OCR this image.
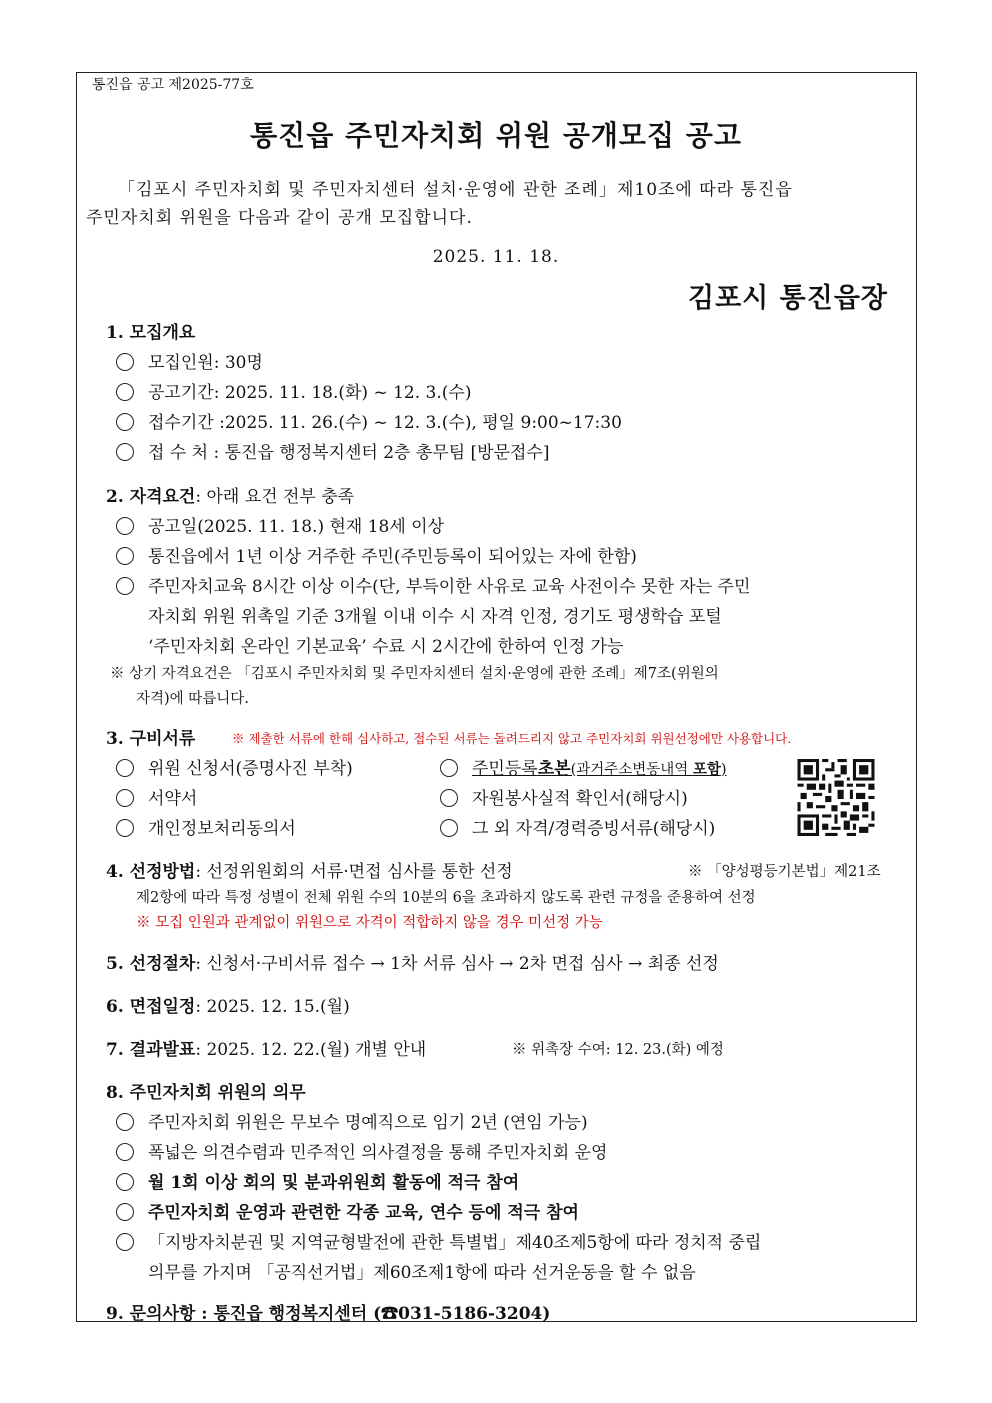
통진읍 공고 제2025-77호
통진읍 주민자치회 위원 공개모집 공고
「김포시 주민자치회 및 주민자치센터 설치·운영에 관한 조례」제10조에 따라 통진읍
주민자치회 위원을 다음과 같이 공개 모집합니다.
2025. 11. 18.
김포시 통진읍장
1. 모집개요
모집인원: 30명
공고기간: 2025. 11. 18.(화) ~ 12. 3.(수)
접수기간 :2025. 11. 26.(수) ~ 12. 3.(수), 평일 9:00~17:30
접 수 처 : 통진읍 행정복지센터 2층 총무팀 [방문접수]
2. 자격요건: 아래 요건 전부 충족
공고일(2025. 11. 18.) 현재 18세 이상
통진읍에서 1년 이상 거주한 주민(주민등록이 되어있는 자에 한함)
주민자치교육 8시간 이상 이수(단, 부득이한 사유로 교육 사전이수 못한 자는 주민
자치회 위원 위촉일 기준 3개월 이내 이수 시 자격 인정, 경기도 평생학습 포털
‘주민자치회 온라인 기본교육’ 수료 시 2시간에 한하여 인정 가능
※ 상기 자격요건은 「김포시 주민자치회 및 주민자치센터 설치·운영에 관한 조례」제7조(위원의
자격)에 따릅니다.
3. 구비서류	※ 제출한 서류에 한해 심사하고, 접수된 서류는 돌려드리지 않고 주민자치회 위원선정에만 사용합니다.
위원 신청서(증명사진 부착)
서약서
개인정보처리동의서
주민등록초본(과거주소변동내역 포함)
자원봉사실적 확인서(해당시)
그 외 자격/경력증빙서류(해당시)
4. 선정방법: 선정위원회의 서류·면접 심사를 통한 선정	※ 「양성평등기본법」제21조
제2항에 따라 특정 성별이 전체 위원 수의 10분의 6을 초과하지 않도록 관련 규정을 준용하여 선정
※ 모집 인원과 관계없이 위원으로 자격이 적합하지 않을 경우 미선정 가능
5. 선정절차: 신청서·구비서류 접수 → 1차 서류 심사 → 2차 면접 심사 → 최종 선정
6. 면접일정: 2025. 12. 15.(월)
7. 결과발표: 2025. 12. 22.(월) 개별 안내	※ 위촉장 수여: 12. 23.(화) 예정
8. 주민자치회 위원의 의무
주민자치회 위원은 무보수 명예직으로 임기 2년 (연임 가능)
폭넓은 의견수렴과 민주적인 의사결정을 통해 주민자치회 운영
월 1회 이상 회의 및 분과위원회 활동에 적극 참여
주민자치회 운영과 관련한 각종 교육, 연수 등에 적극 참여
「지방자치분권 및 지역균형발전에 관한 특별법」제40조제5항에 따라 정치적 중립
의무를 가지며 「공직선거법」제60조제1항에 따라 선거운동을 할 수 없음
9. 문의사항 : 통진읍 행정복지센터 (☎031-5186-3204)
